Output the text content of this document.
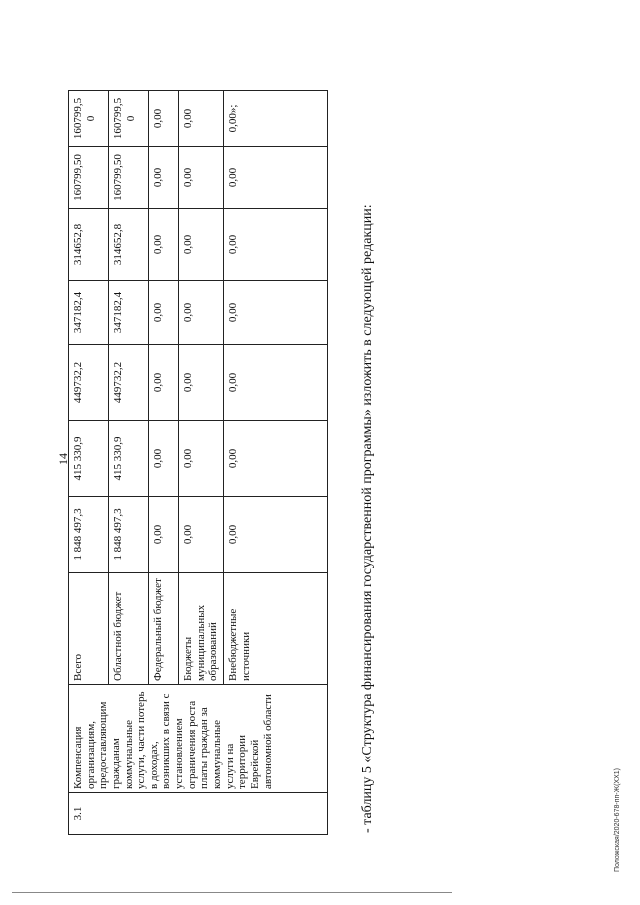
14
3.1	Компенсация организациям, предоставляющим гражданам коммунальные услуги, части потерь в доходах, возникших в связи с установлением ограничения роста платы граждан за коммунальные услуги на территории Еврейской автономной области	Всего	1 848 497,3	415 330,9	449732,2	347182,4	314652,8	160799,50	160799,5 0
		Областной бюджет	1 848 497,3	415 330,9	449732,2	347182,4	314652,8	160799,50	160799,5 0
		Федеральный бюджет	0,00	0,00	0,00	0,00	0,00	0,00	0,00
		Бюджеты муниципальных образований	0,00	0,00	0,00	0,00	0,00	0,00	0,00
		Внебюджетные источники	0,00	0,00	0,00	0,00	0,00	0,00	0,00»;
- таблицу 5 «Структура финансирования государственной программы» изложить в следующей редакции:	Положская/2020-678-пп-Ж(ХХ1)
